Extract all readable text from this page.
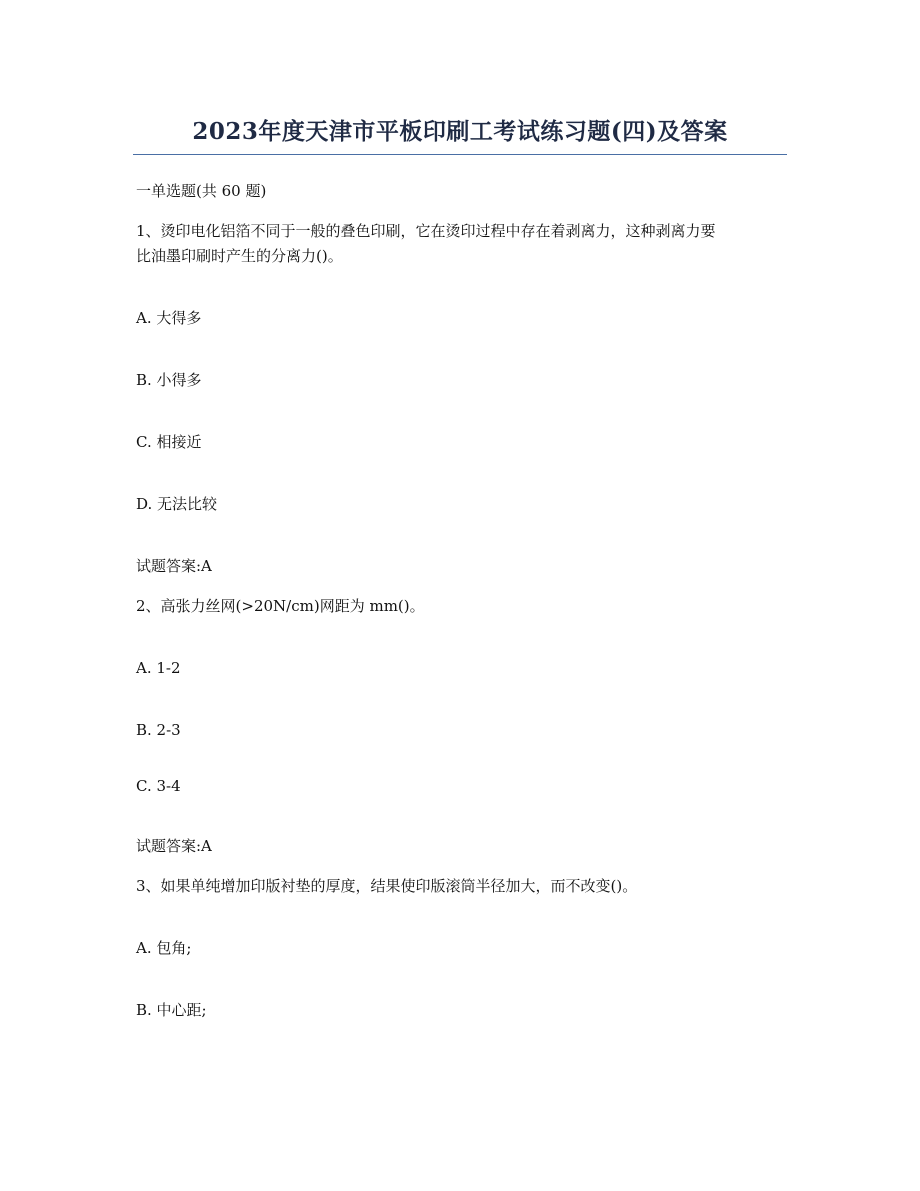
2023年度天津市平板印刷工考试练习题(四)及答案
一单选题(共 60 题)
1、烫印电化铝箔不同于一般的叠色印刷，它在烫印过程中存在着剥离力，这种剥离力要
比油墨印刷时产生的分离力()。
A. 大得多
B. 小得多
C. 相接近
D. 无法比较
试题答案:A
2、高张力丝网(>20N/cm)网距为 mm()。
A. 1-2
B. 2-3
C. 3-4
试题答案:A
3、如果单纯增加印版衬垫的厚度，结果使印版滚筒半径加大，而不改变()。
A. 包角;
B. 中心距;
